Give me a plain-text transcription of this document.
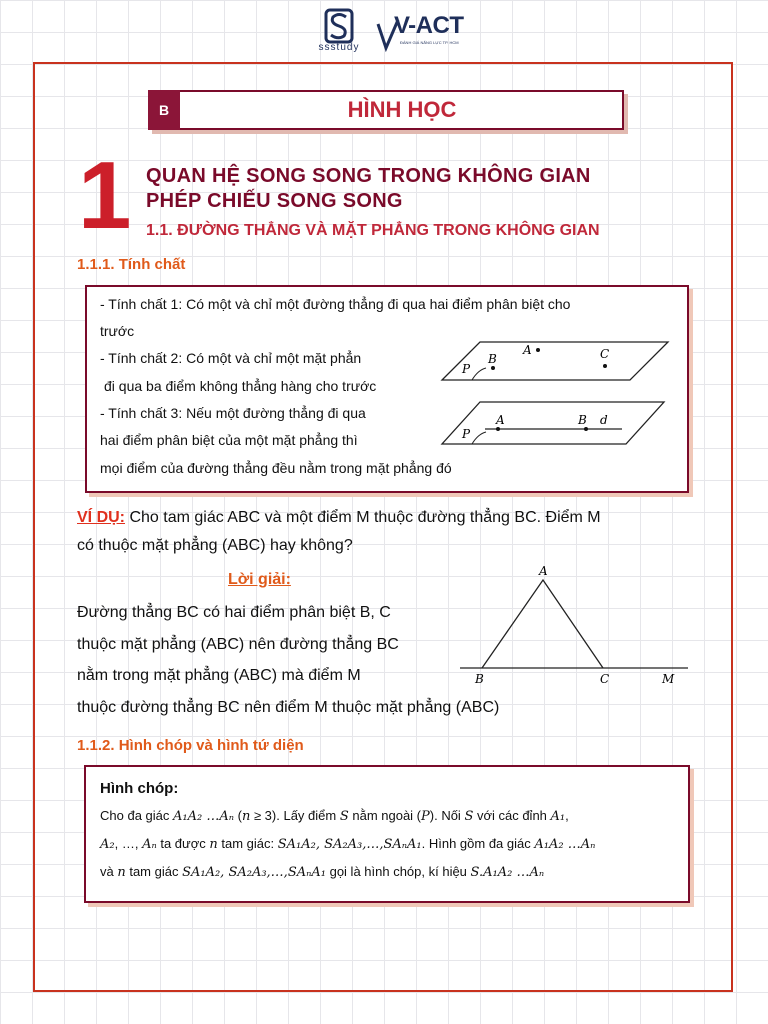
ssstudy
V-ACT
ĐÁNH GIÁ NĂNG LỰC TP. HCM
B	HÌNH HỌC
1 QUAN HỆ SONG SONG TRONG KHÔNG GIAN
PHÉP CHIẾU SONG SONG
1.1. ĐƯỜNG THẲNG VÀ MẶT PHẲNG TRONG KHÔNG GIAN
1.1.1. Tính chất
- Tính chất 1: Có một và chỉ một đường thẳng đi qua hai điểm phân biệt cho
trước
- Tính chất 2: Có một và chỉ một mặt phẳn
đi qua ba điểm không thẳng hàng cho trước
- Tính chất 3: Nếu một đường thẳng đi qua
hai điểm phân biệt của một mặt phẳng thì
mọi điểm của đường thẳng đều nằm trong mặt phẳng đó
P
B
A	C
P
A	B d
VÍ DỤ: Cho tam giác ABC và một điểm M thuộc đường thẳng BC. Điểm M
có thuộc mặt phẳng (ABC) hay không?
Lời giải:
Đường thẳng BC có hai điểm phân biệt B, C
thuộc mặt phẳng (ABC) nên đường thẳng BC
nằm trong mặt phẳng (ABC) mà điểm M
thuộc đường thẳng BC nên điểm M thuộc mặt phẳng (ABC)
A
B	C	M
1.1.2. Hình chóp và hình tứ diện
Hình chóp:
Cho đa giác A₁A₂ …Aₙ (n ≥ 3). Lấy điểm S nằm ngoài (P). Nối S với các đỉnh A₁,
A₂, …, Aₙ ta được n tam giác: SA₁A₂, SA₂A₃,…,SAₙA₁. Hình gồm đa giác A₁A₂ …Aₙ
và n tam giác SA₁A₂, SA₂A₃,…,SAₙA₁ gọi là hình chóp, kí hiệu S.A₁A₂ …Aₙ
